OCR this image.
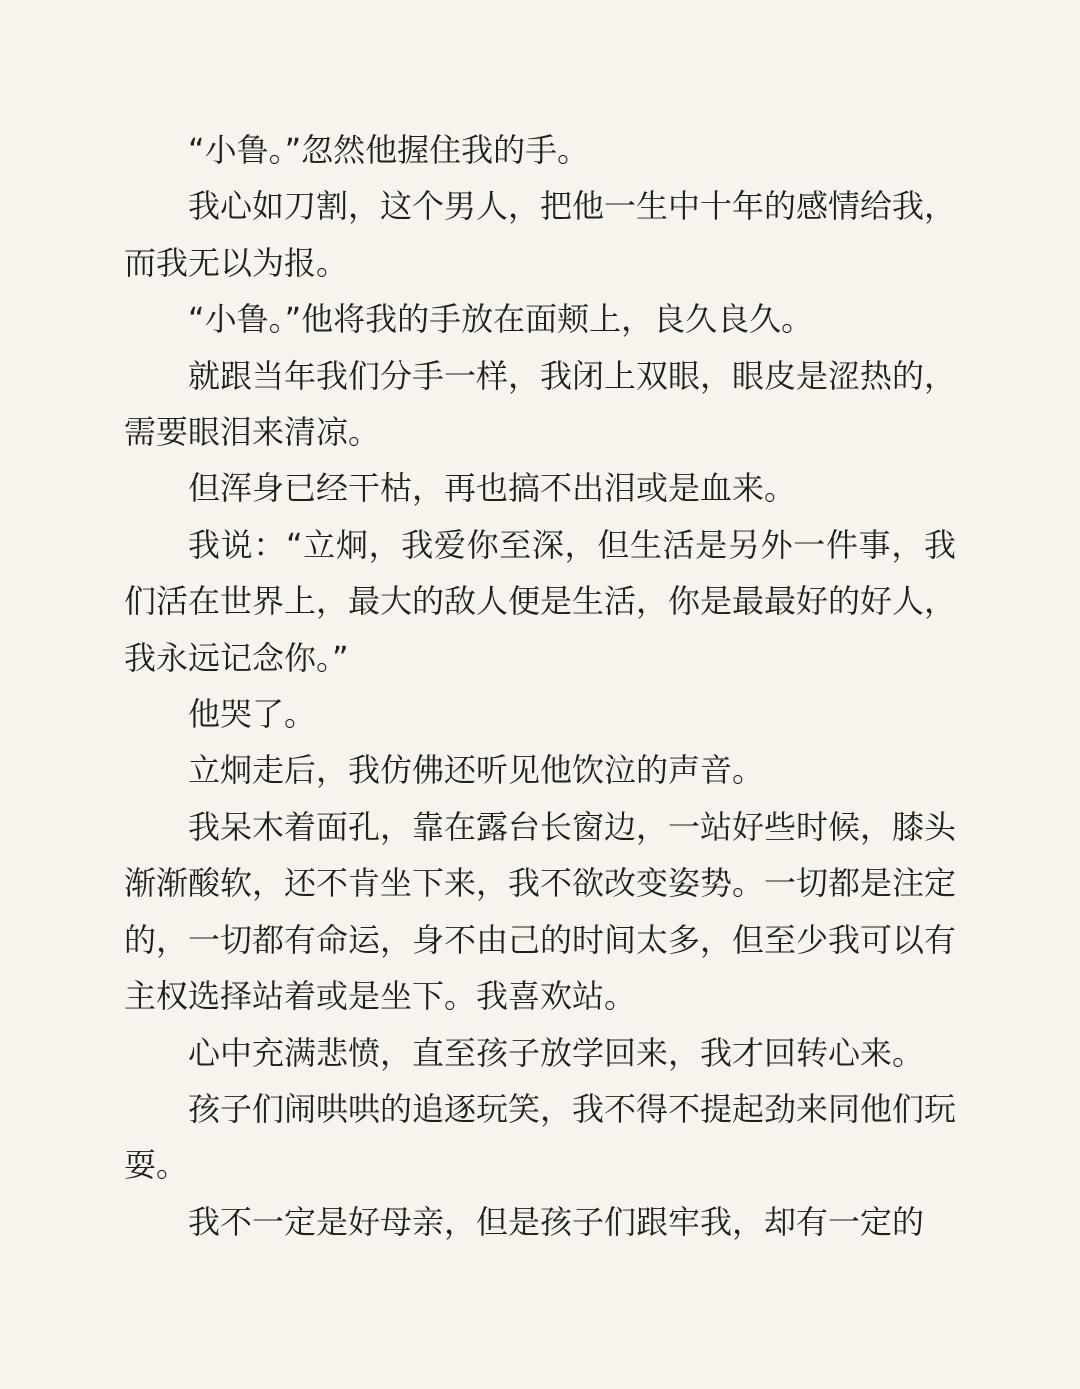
“小鲁。”忽然他握住我的手。

我心如刀割，这个男人，把他一生中十年的感情给我，而我无以为报。

“小鲁。”他将我的手放在面颊上，良久良久。

就跟当年我们分手一样，我闭上双眼，眼皮是涩热的，需要眼泪来清凉。

但浑身已经干枯，再也搞不出泪或是血来。

我说：“立炯，我爱你至深，但生活是另外一件事，我们活在世界上，最大的敌人便是生活，你是最最好的好人，我永远记念你。”

他哭了。

立炯走后，我仿佛还听见他饮泣的声音。

我呆木着面孔，靠在露台长窗边，一站好些时候，膝头渐渐酸软，还不肯坐下来，我不欲改变姿势。一切都是注定的，一切都有命运，身不由己的时间太多，但至少我可以有主权选择站着或是坐下。我喜欢站。

心中充满悲愤，直至孩子放学回来，我才回转心来。

孩子们闹哄哄的追逐玩笑，我不得不提起劲来同他们玩耍。

我不一定是好母亲，但是孩子们跟牢我，却有一定的
